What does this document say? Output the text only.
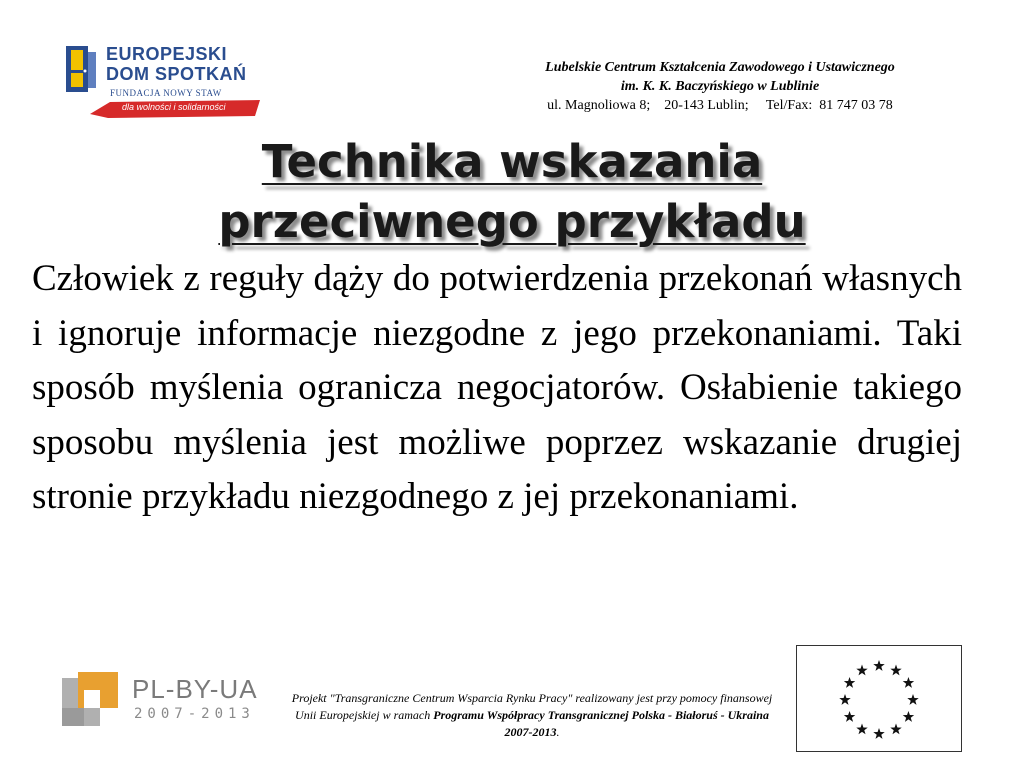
EUROPEJSKI
DOM SPOTKAŃ
FUNDACJA NOWY STAW
dla wolności i solidarności
Lubelskie Centrum Kształcenia Zawodowego i Ustawicznego
im. K. K. Baczyńskiego w Lublinie
ul. Magnoliowa 8;    20-143 Lublin;     Tel/Fax:  81 747 03 78
Technika wskazania
przeciwnego przykładu
Człowiek z reguły dąży do potwierdzenia przekonań własnych i ignoruje informacje niezgodne z jego przekonaniami. Taki sposób myślenia ogranicza negocjatorów. Osłabienie takiego sposobu myślenia jest możliwe poprzez wskazanie drugiej stronie przykładu niezgodnego z jej przekonaniami.
PL-BY-UA
2007-2013
Projekt "Transgraniczne Centrum Wsparcia Rynku Pracy" realizowany jest przy pomocy finansowej Unii Europejskiej w ramach Programu Współpracy Transgranicznej Polska - Białoruś - Ukraina 2007-2013.
